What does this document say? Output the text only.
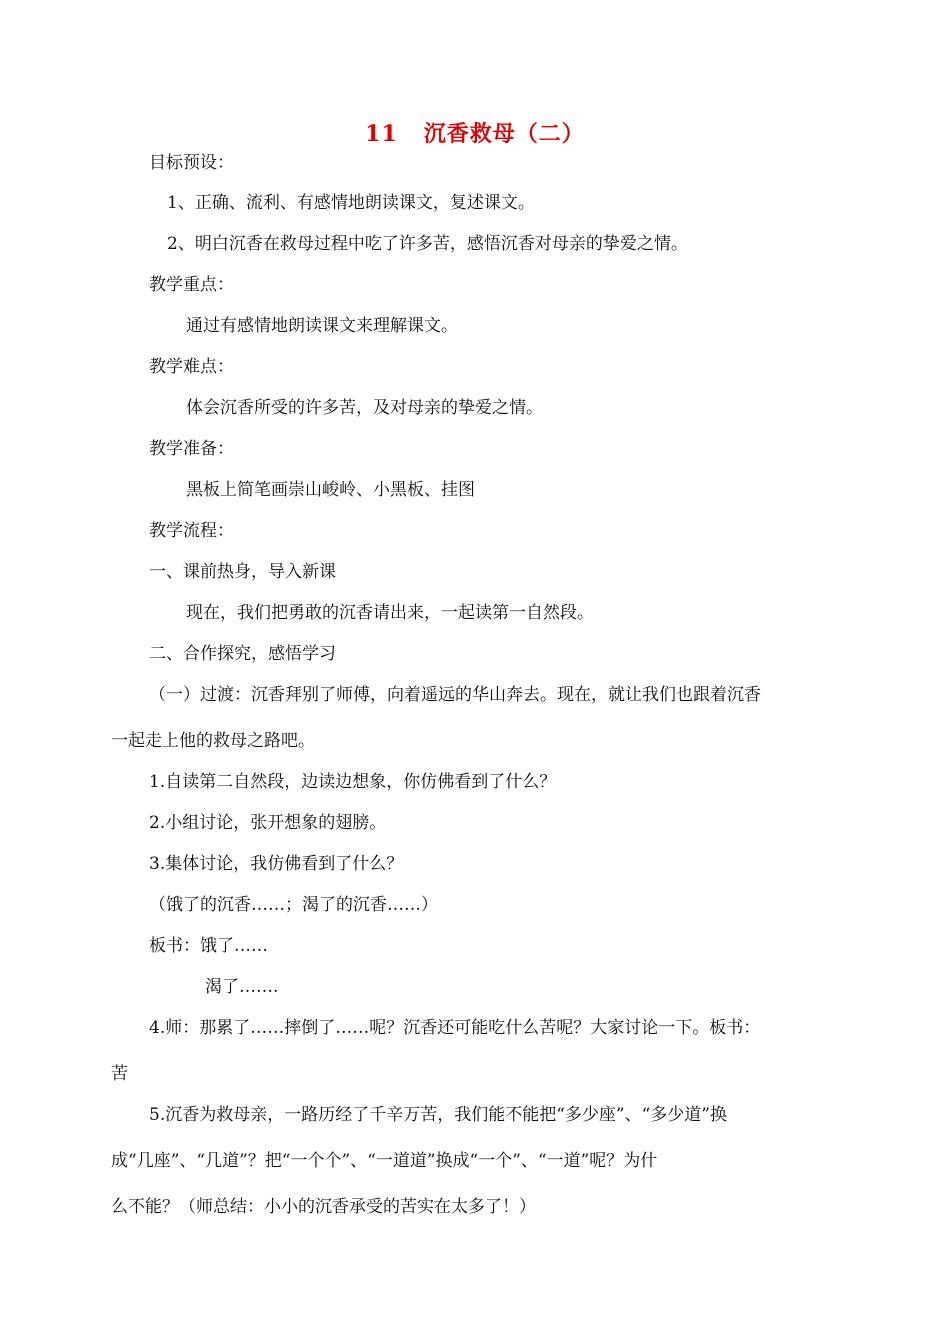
11 沉香救母（二）
目标预设：
1、正确、流利、有感情地朗读课文，复述课文。
2、明白沉香在救母过程中吃了许多苦，感悟沉香对母亲的挚爱之情。
教学重点：
通过有感情地朗读课文来理解课文。
教学难点：
体会沉香所受的许多苦，及对母亲的挚爱之情。
教学准备：
黑板上简笔画崇山峻岭、小黑板、挂图
教学流程：
一、课前热身，导入新课
现在，我们把勇敢的沉香请出来，一起读第一自然段。
二、合作探究，感悟学习
（一）过渡：沉香拜别了师傅，向着遥远的华山奔去。现在，就让我们也跟着沉香
一起走上他的救母之路吧。
1.自读第二自然段，边读边想象，你仿佛看到了什么？
2.小组讨论，张开想象的翅膀。
3.集体讨论，我仿佛看到了什么？
（饿了的沉香……；渴了的沉香……）
板书：饿了……
渴了…….
4.师：那累了……摔倒了……呢？沉香还可能吃什么苦呢？大家讨论一下。板书：
苦
5.沉香为救母亲，一路历经了千辛万苦，我们能不能把“多少座”、“多少道”换
成“几座”、“几道”？把“一个个”、“一道道”换成“一个”、“一道”呢？为什
么不能？（师总结：小小的沉香承受的苦实在太多了！）
